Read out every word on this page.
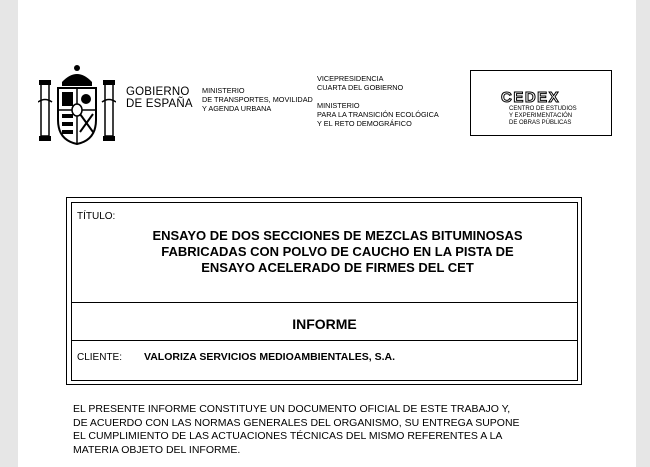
GOBIERNO
DE ESPAÑA
MINISTERIO
DE TRANSPORTES, MOVILIDAD
Y AGENDA URBANA
VICEPRESIDENCIA
CUARTA DEL GOBIERNO
MINISTERIO
PARA LA TRANSICIÓN ECOLÓGICA
Y EL RETO DEMOGRÁFICO
CEDEX
CENTRO DE ESTUDIOS
Y EXPERIMENTACIÓN
DE OBRAS PÚBLICAS
TÍTULO:
ENSAYO DE DOS SECCIONES DE MEZCLAS BITUMINOSAS
FABRICADAS CON POLVO DE CAUCHO EN LA PISTA DE
ENSAYO ACELERADO DE FIRMES DEL CET
INFORME
CLIENTE: VALORIZA SERVICIOS MEDIOAMBIENTALES, S.A.
EL PRESENTE INFORME CONSTITUYE UN DOCUMENTO OFICIAL DE ESTE TRABAJO Y,
DE ACUERDO CON LAS NORMAS GENERALES DEL ORGANISMO, SU ENTREGA SUPONE
EL CUMPLIMIENTO DE LAS ACTUACIONES TÉCNICAS DEL MISMO REFERENTES A LA
MATERIA OBJETO DEL INFORME.
